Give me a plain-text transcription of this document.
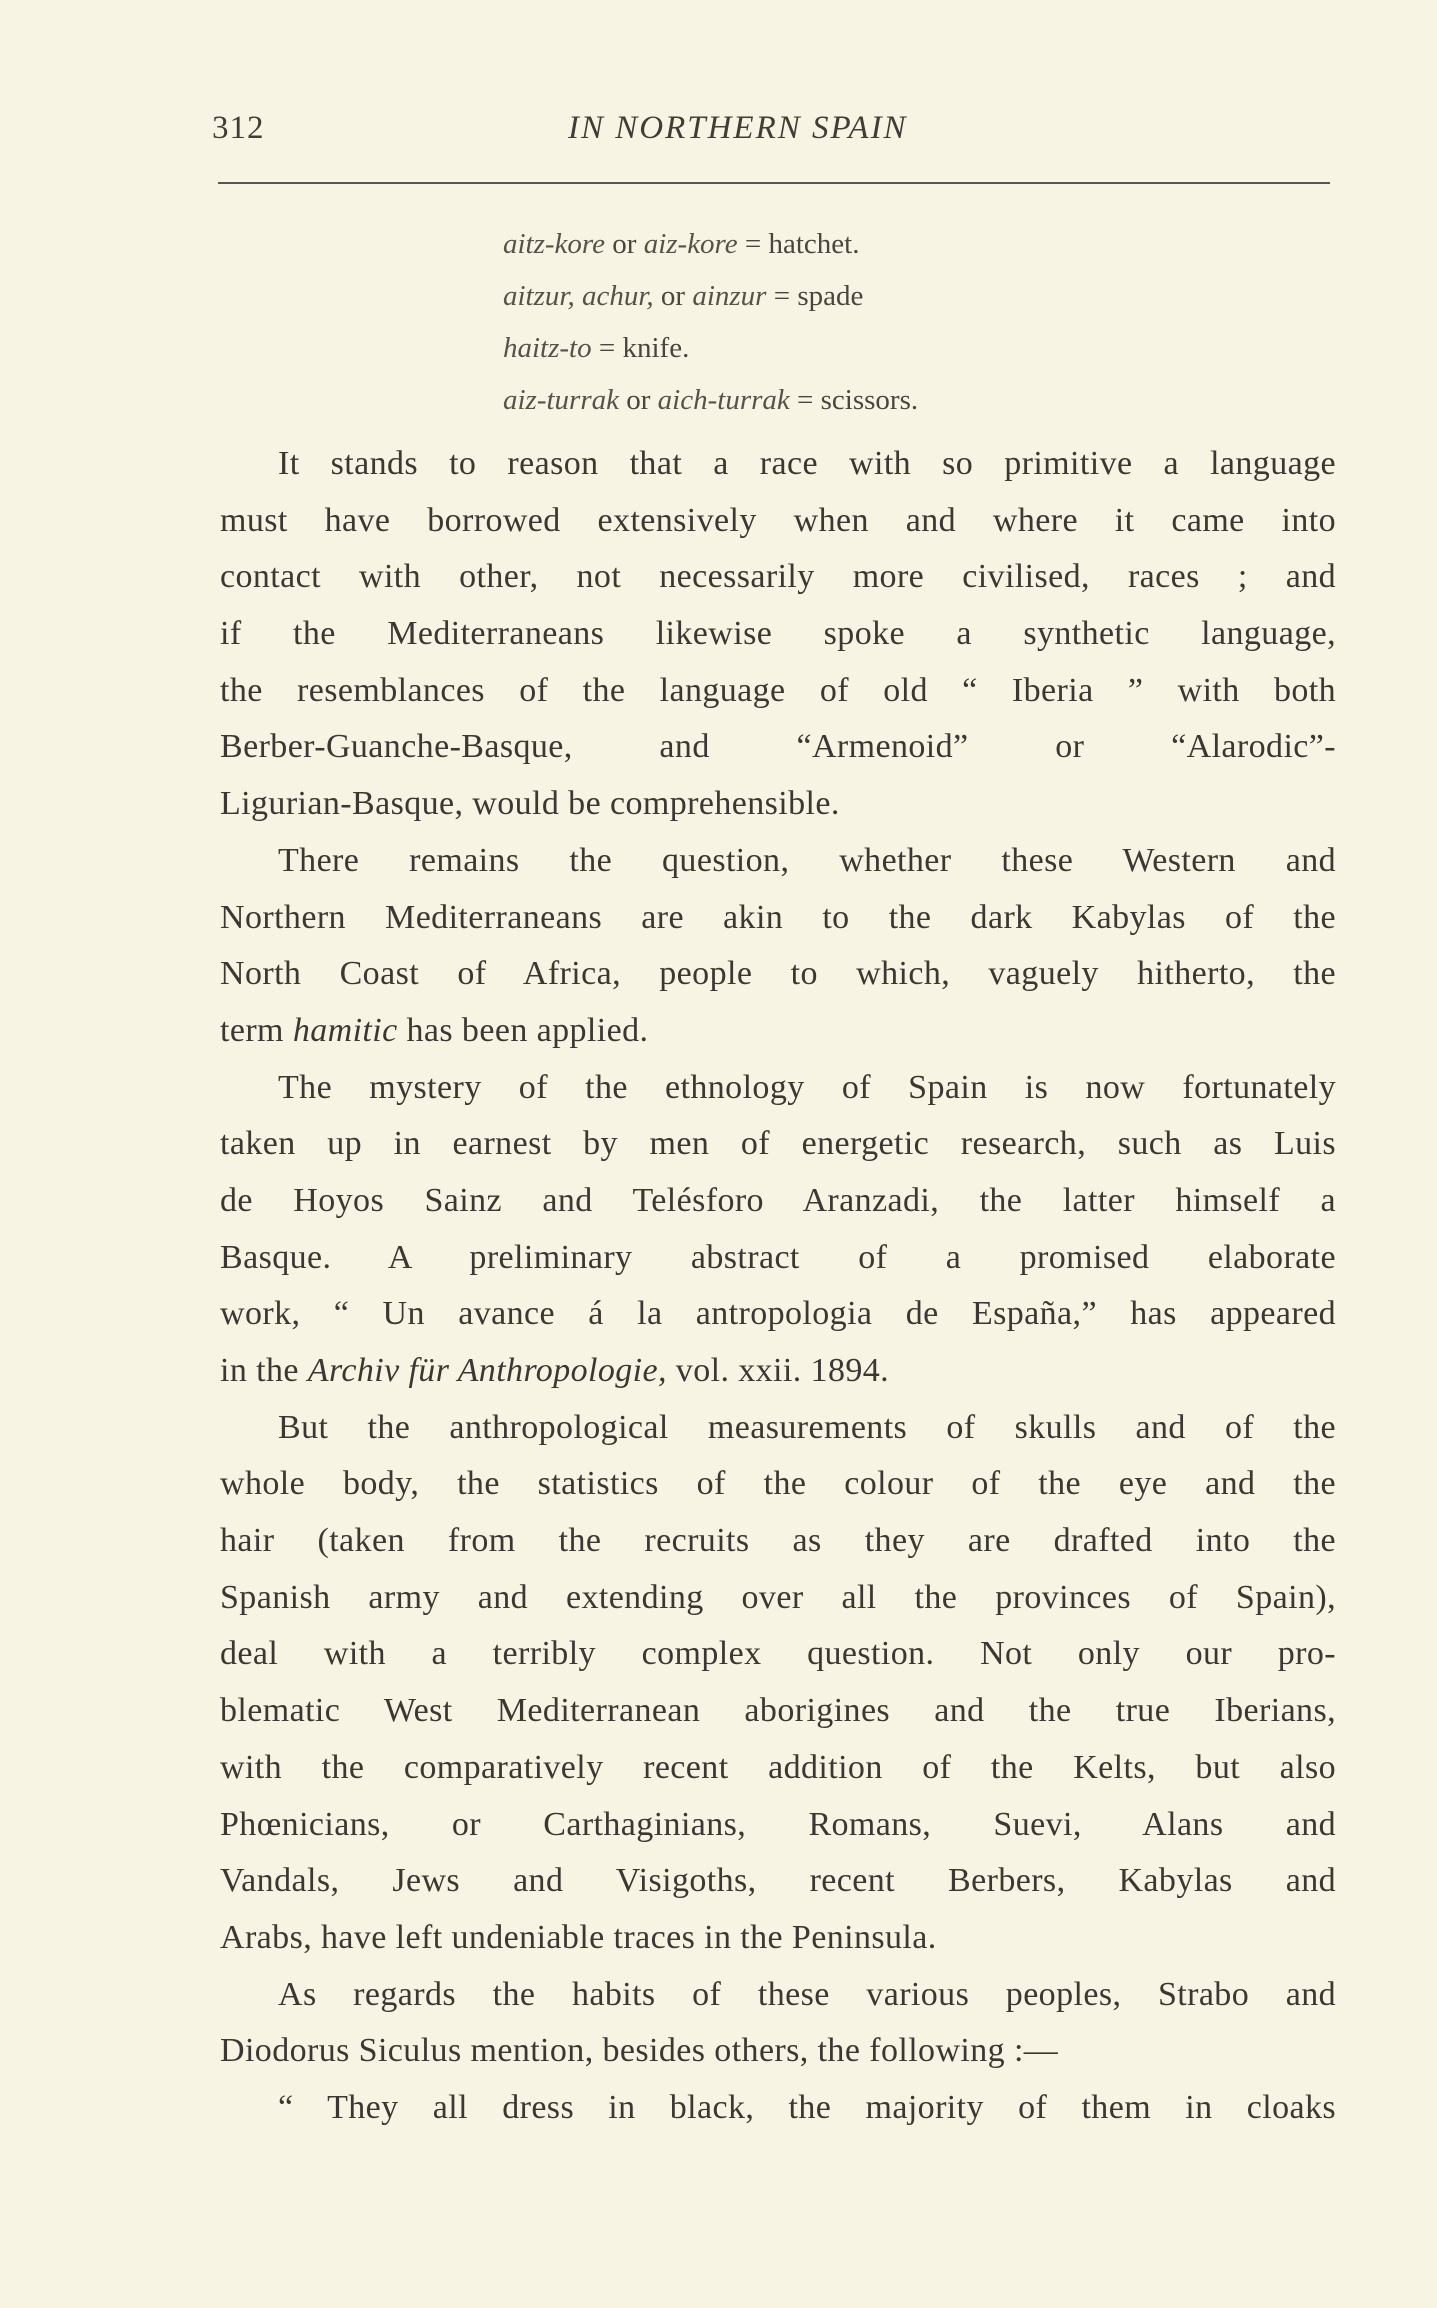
312	IN NORTHERN SPAIN
aitz-kore or aiz-kore = hatchet.
aitzur, achur, or ainzur = spade
haitz-to = knife.
aiz-turrak or aich-turrak = scissors.
It stands to reason that a race with so primitive a language
must have borrowed extensively when and where it came into
contact with other, not necessarily more civilised, races ; and
if the Mediterraneans likewise spoke a synthetic language,
the resemblances of the language of old “ Iberia ” with both
Berber-Guanche-Basque, and “Armenoid” or “Alarodic”-
Ligurian-Basque, would be comprehensible.
There remains the question, whether these Western and
Northern Mediterraneans are akin to the dark Kabylas of the
North Coast of Africa, people to which, vaguely hitherto, the
term hamitic has been applied.
The mystery of the ethnology of Spain is now fortunately
taken up in earnest by men of energetic research, such as Luis
de Hoyos Sainz and Telésforo Aranzadi, the latter himself a
Basque. A preliminary abstract of a promised elaborate
work, “ Un avance á la antropologia de España,” has appeared
in the Archiv für Anthropologie, vol. xxii. 1894.
But the anthropological measurements of skulls and of the
whole body, the statistics of the colour of the eye and the
hair (taken from the recruits as they are drafted into the
Spanish army and extending over all the provinces of Spain),
deal with a terribly complex question. Not only our pro-
blematic West Mediterranean aborigines and the true Iberians,
with the comparatively recent addition of the Kelts, but also
Phœnicians, or Carthaginians, Romans, Suevi, Alans and
Vandals, Jews and Visigoths, recent Berbers, Kabylas and
Arabs, have left undeniable traces in the Peninsula.
As regards the habits of these various peoples, Strabo and
Diodorus Siculus mention, besides others, the following :—
“ They all dress in black, the majority of them in cloaks
